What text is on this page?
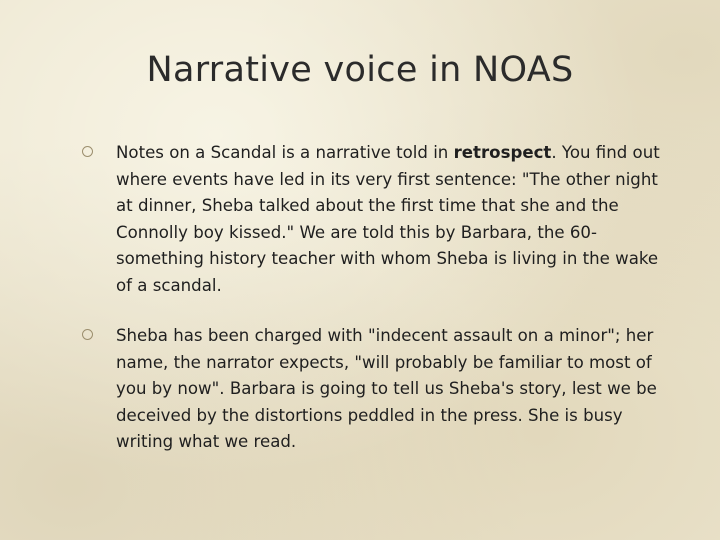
Narrative voice in NOAS
Notes on a Scandal is a narrative told in retrospect. You find out where events have led in its very first sentence: "The other night at dinner, Sheba talked about the first time that she and the Connolly boy kissed." We are told this by Barbara, the 60-something history teacher with whom Sheba is living in the wake of a scandal.
Sheba has been charged with "indecent assault on a minor"; her name, the narrator expects, "will probably be familiar to most of you by now". Barbara is going to tell us Sheba's story, lest we be deceived by the distortions peddled in the press. She is busy writing what we read.
